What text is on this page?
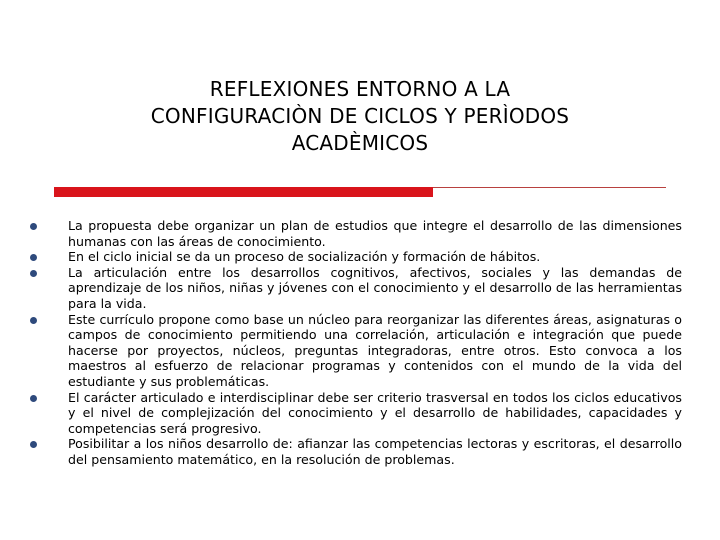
REFLEXIONES ENTORNO A LA
CONFIGURACIÒN DE CICLOS Y PERÌODOS
ACADÈMICOS
La propuesta debe organizar un plan de estudios que integre el desarrollo de las dimensiones humanas con las áreas de conocimiento.
En el ciclo inicial se da un proceso de socialización y formación de hábitos.
La articulación entre los desarrollos cognitivos, afectivos, sociales y las demandas de aprendizaje de los niños, niñas y jóvenes con el conocimiento y el desarrollo de las herramientas para la vida.
Este currículo propone como base un núcleo para reorganizar las diferentes áreas, asignaturas o campos de conocimiento permitiendo una correlación, articulación e integración que puede hacerse por proyectos, núcleos, preguntas integradoras, entre otros. Esto convoca a los maestros al esfuerzo de relacionar programas y contenidos con el mundo de la vida del estudiante y sus problemáticas.
El carácter articulado e interdisciplinar debe ser criterio trasversal en todos los ciclos educativos y el nivel de complejización del conocimiento y el desarrollo de habilidades, capacidades y competencias será progresivo.
Posibilitar a los niños desarrollo de: afianzar las competencias lectoras y escritoras, el desarrollo del pensamiento matemático, en la resolución de problemas.
